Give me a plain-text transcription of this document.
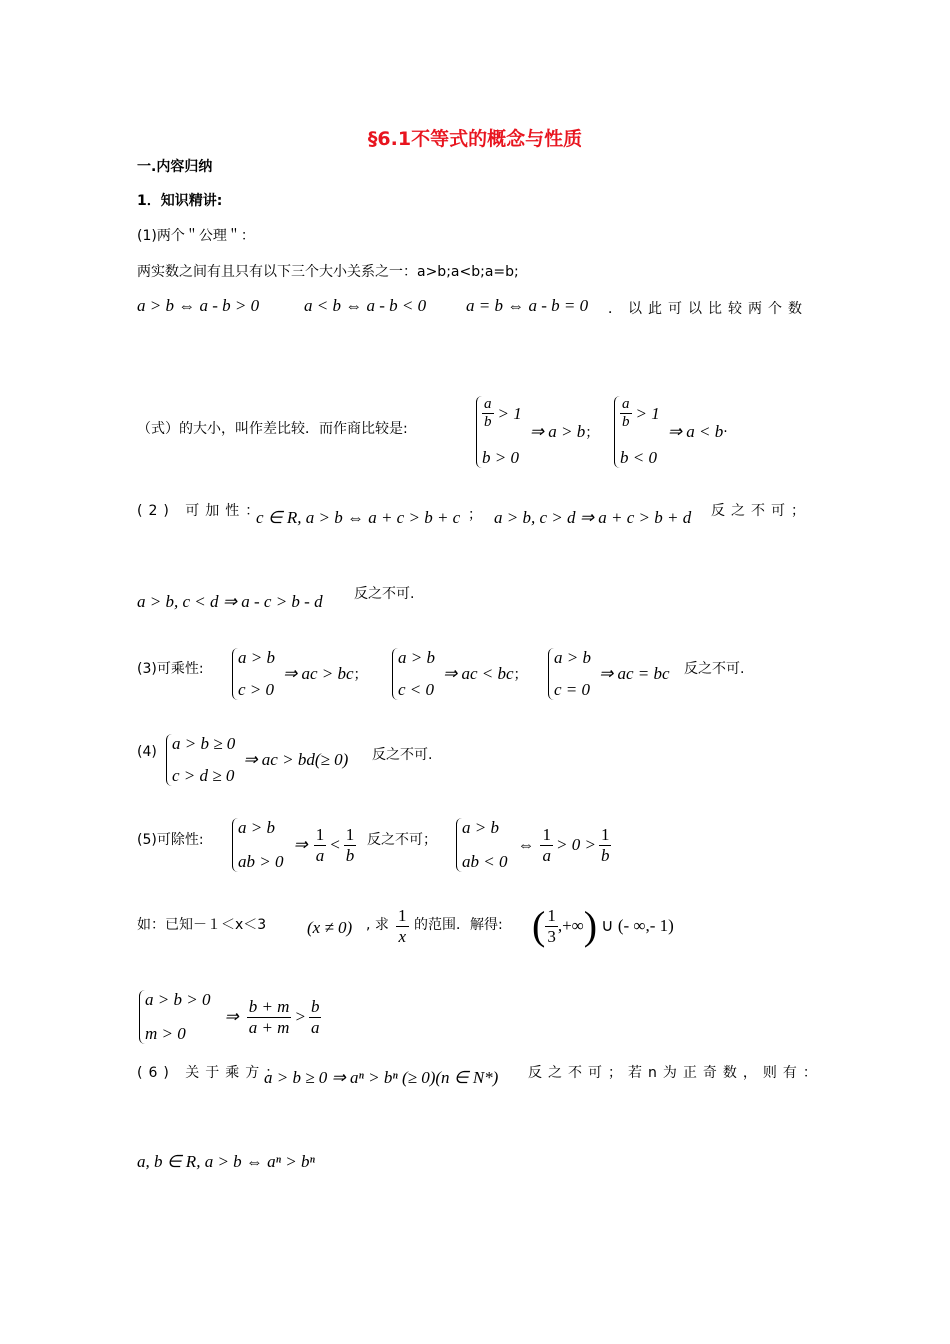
§6.1不等式的概念与性质
一.内容归纳
1．知识精讲:
(1)两个＂公理＂：
两实数之间有且只有以下三个大小关系之一：a>b;a<b;a=b;
a > b ⇔ a - b > 0	a < b ⇔ a - b < 0 a = b ⇔ a - b = 0 ．以此可以比较两个数
（式）的大小，叫作差比较．而作商比较是:	$\frac{a}{b} > 1$
b > 0
⇒ a > b ；
$\frac{a}{b} > 1$
b < 0
⇒ a < b ·
(2) 可加性：
c ∈ R, a > b ⇔ a + c > b + c ； a > b, c > d ⇒ a + c > b + d 反之不可；
a > b, c < d ⇒ a - c > b - d 反之不可.
(3)可乘性:
a > b
c > 0
⇒ ac > bc ；
a > b
c < 0
⇒ ac < bc ；
a > b
c = 0
⇒ ac = bc 反之不可.
(4) a > b ≥ 0
c > d ≥ 0
⇒ ac > bd(≥ 0) 反之不可.
(5)可除性:
a > b
ab > 0
⇒ $\frac{1}{a} < \frac{1}{b}$ 反之不可；
a > b
ab < 0
⇔ $\frac{1}{a} > 0 > \frac{1}{b}$
如：已知－１＜x＜3 (x ≠ 0) , 求 $\frac{1}{x}$ 的范围．解得: ( $\frac{1}{3}$ ,+∞ ) ∪ (- ∞,- 1)
a > b > 0
m > 0
⇒ $\frac{b + m}{a + m} > \frac{b}{a}$
(6) 关于乘方：
a > b ≥ 0 ⇒ aⁿ > bⁿ (≥ 0)(n ∈ N*) 反之不可；若n为正奇数，则有：
a, b ∈ R, a > b ⇔ aⁿ > bⁿ
